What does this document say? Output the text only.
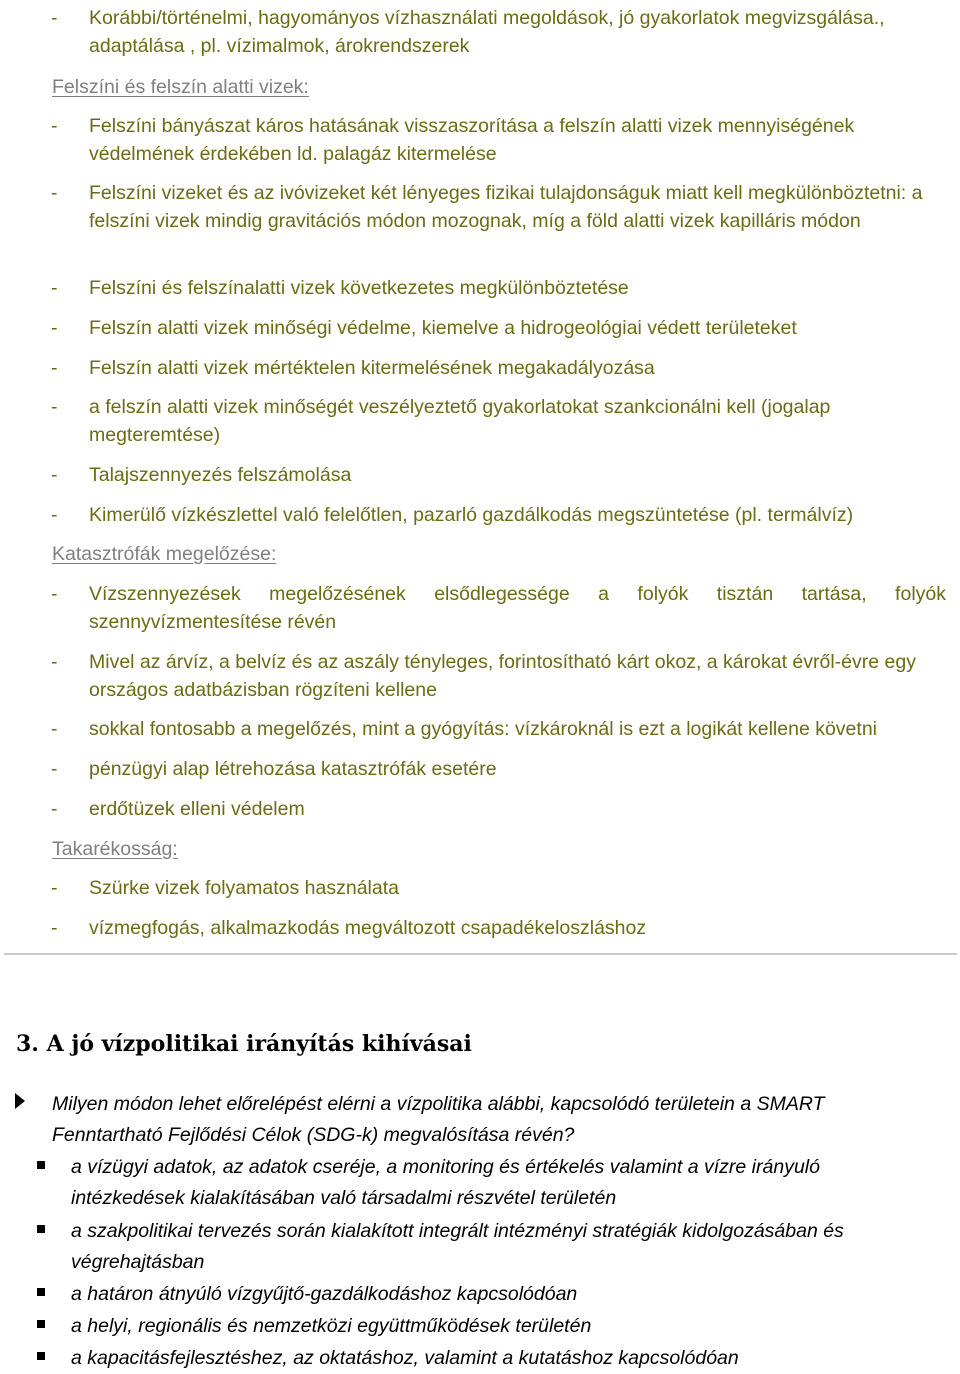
- Korábbi/történelmi, hagyományos vízhasználati megoldások, jó gyakorlatok megvizsgálása., adaptálása , pl. vízimalmok, árokrendszerek
Felszíni és felszín alatti vizek:
- Felszíni bányászat káros hatásának visszaszorítása a felszín alatti vizek mennyiségének védelmének érdekében ld. palagáz kitermelése
- Felszíni vizeket és az ivóvizeket két lényeges fizikai tulajdonságuk miatt kell megkülönböztetni: a felszíni vizek mindig gravitációs módon mozognak, míg a föld alatti vizek kapilláris módon
- Felszíni és felszínalatti vizek következetes megkülönböztetése
- Felszín alatti vizek minőségi védelme, kiemelve a hidrogeológiai védett területeket
- Felszín alatti vizek mértéktelen kitermelésének megakadályozása
- a felszín alatti vizek minőségét veszélyeztető gyakorlatokat szankcionálni kell (jogalap megteremtése)
- Talajszennyezés felszámolása
- Kimerülő vízkészlettel való felelőtlen, pazarló gazdálkodás megszüntetése (pl. termálvíz)
Katasztrófák megelőzése:
- Vízszennyezések megelőzésének elsődlegessége a folyók tisztán tartása, folyók szennyvízmentesítése révén
- Mivel az árvíz, a belvíz és az aszály tényleges, forintosítható kárt okoz, a károkat évről-évre egy országos adatbázisban rögzíteni kellene
- sokkal fontosabb a megelőzés, mint a gyógyítás: vízkároknál is ezt a logikát kellene követni
- pénzügyi alap létrehozása katasztrófák esetére
- erdőtüzek elleni védelem
Takarékosság:
- Szürke vizek folyamatos használata
- vízmegfogás, alkalmazkodás megváltozott csapadékeloszláshoz
3. A jó vízpolitikai irányítás kihívásai
Milyen módon lehet előrelépést elérni a vízpolitika alábbi, kapcsolódó területein a SMART Fenntartható Fejlődési Célok (SDG-k) megvalósítása révén?
a vízügyi adatok, az adatok cseréje, a monitoring és értékelés valamint a vízre irányuló intézkedések kialakításában való társadalmi részvétel területén
a szakpolitikai tervezés során kialakított integrált intézményi stratégiák kidolgozásában és végrehajtásban
a határon átnyúló vízgyűjtő-gazdálkodáshoz kapcsolódóan
a helyi, regionális és nemzetközi együttműködések területén
a kapacitásfejlesztéshez, az oktatáshoz, valamint a kutatáshoz kapcsolódóan
